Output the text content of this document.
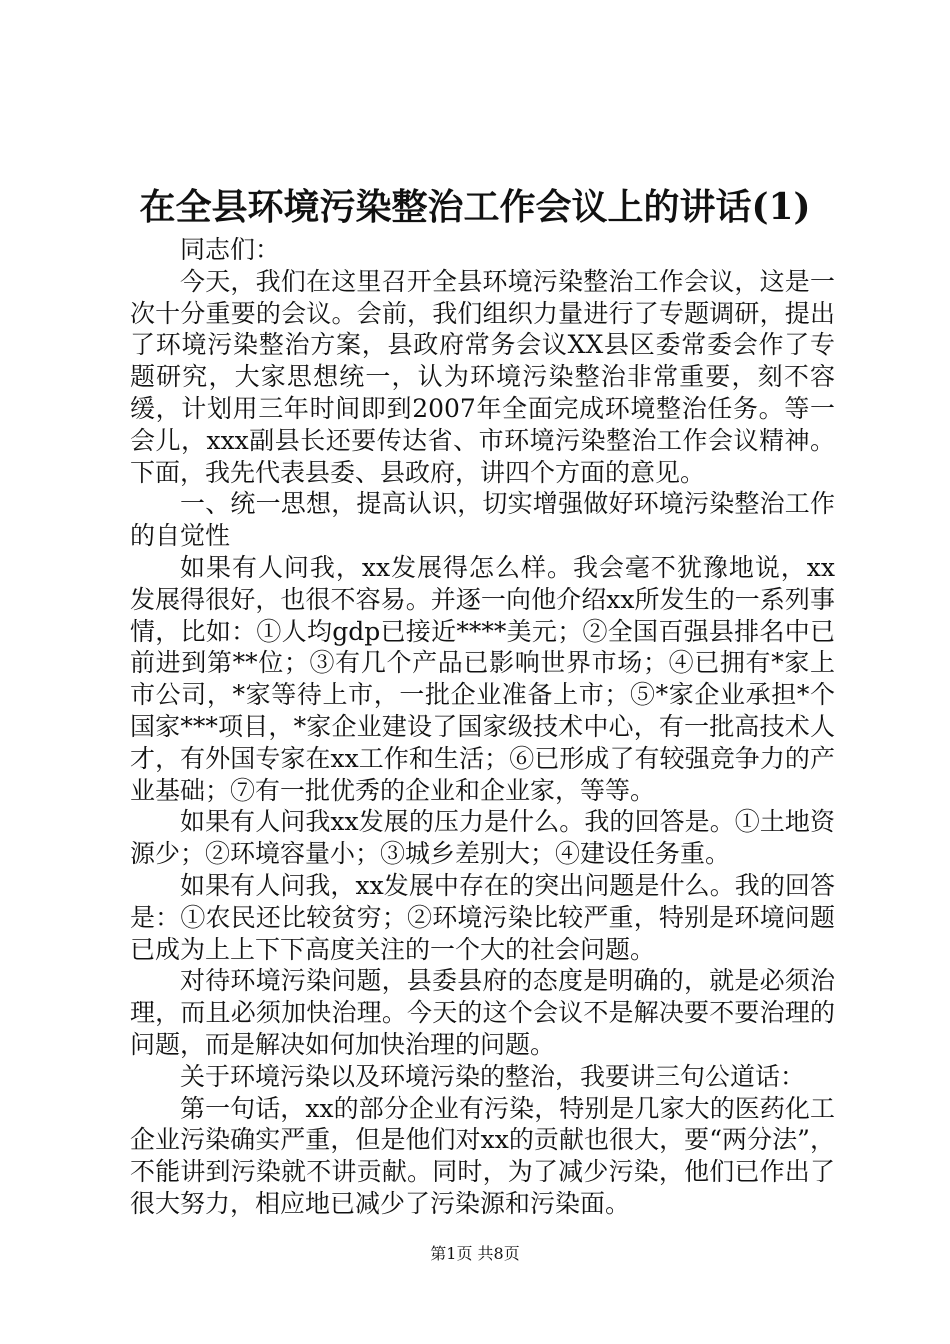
在全县环境污染整治工作会议上的讲话(1)

同志们：

今天，我们在这里召开全县环境污染整治工作会议，这是一次十分重要的会议。会前，我们组织力量进行了专题调研，提出了环境污染整治方案，县政府常务会议XX县区委常委会作了专题研究，大家思想统一，认为环境污染整治非常重要，刻不容缓，计划用三年时间即到2007年全面完成环境整治任务。等一会儿，xxx副县长还要传达省、市环境污染整治工作会议精神。下面，我先代表县委、县政府，讲四个方面的意见。

一、统一思想，提高认识，切实增强做好环境污染整治工作的自觉性

如果有人问我，xx发展得怎么样。我会毫不犹豫地说，xx发展得很好，也很不容易。并逐一向他介绍xx所发生的一系列事情，比如：①人均gdp已接近****美元；②全国百强县排名中已前进到第**位；③有几个产品已影响世界市场；④已拥有*家上市公司，*家等待上市，一批企业准备上市；⑤*家企业承担*个国家***项目，*家企业建设了国家级技术中心，有一批高技术人才，有外国专家在xx工作和生活；⑥已形成了有较强竞争力的产业基础；⑦有一批优秀的企业和企业家，等等。

如果有人问我xx发展的压力是什么。我的回答是。①土地资源少；②环境容量小；③城乡差别大；④建设任务重。

如果有人问我，xx发展中存在的突出问题是什么。我的回答是：①农民还比较贫穷；②环境污染比较严重，特别是环境问题已成为上上下下高度关注的一个大的社会问题。

对待环境污染问题，县委县府的态度是明确的，就是必须治理，而且必须加快治理。今天的这个会议不是解决要不要治理的问题，而是解决如何加快治理的问题。

关于环境污染以及环境污染的整治，我要讲三句公道话：

第一句话，xx的部分企业有污染，特别是几家大的医药化工企业污染确实严重，但是他们对xx的贡献也很大，要“两分法”，不能讲到污染就不讲贡献。同时，为了减少污染，他们已作出了很大努力，相应地已减少了污染源和污染面。

第1页 共8页
